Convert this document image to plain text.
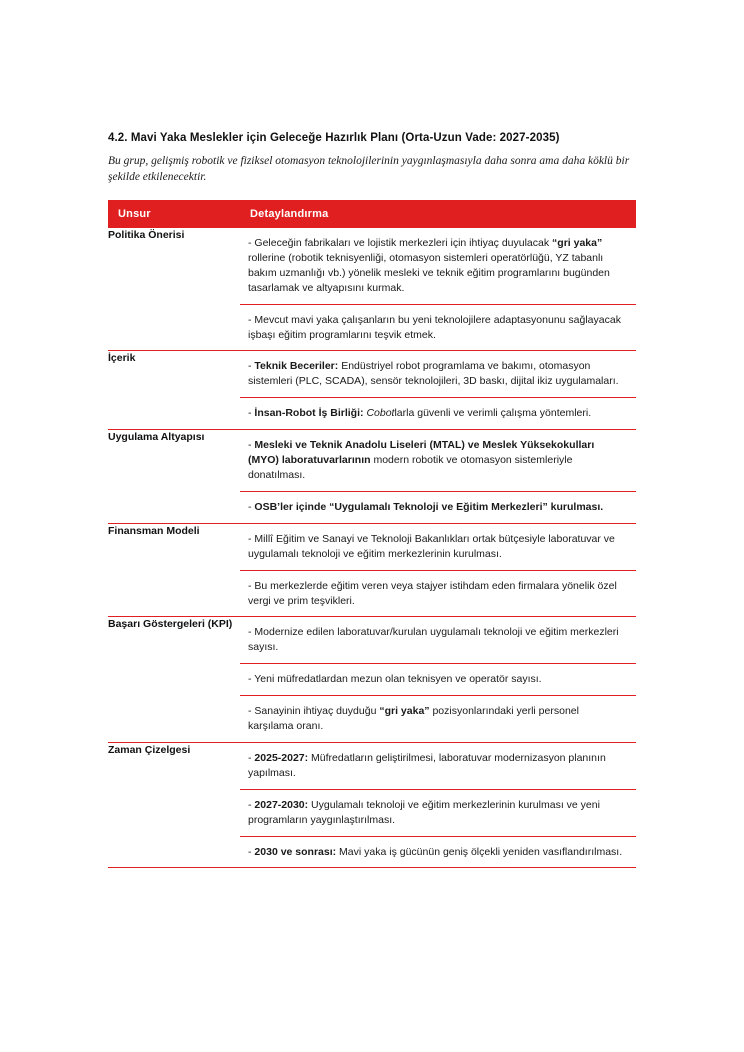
4.2. Mavi Yaka Meslekler için Geleceğe Hazırlık Planı (Orta-Uzun Vade: 2027-2035)

Bu grup, gelişmiş robotik ve fiziksel otomasyon teknolojilerinin yaygınlaşmasıyla daha sonra ama daha köklü bir şekilde etkilenecektir.

Unsur	Detaylandırma
Politika Önerisi	- Geleceğin fabrikaları ve lojistik merkezleri için ihtiyaç duyulacak “gri yaka” rollerine (robotik teknisyenliği, otomasyon sistemleri operatörlüğü, YZ tabanlı bakım uzmanlığı vb.) yönelik mesleki ve teknik eğitim programlarını bugünden tasarlamak ve altyapısını kurmak.

- Mevcut mavi yaka çalışanların bu yeni teknolojilere adaptasyonunu sağlayacak işbaşı eğitim programlarını teşvik etmek.

İçerik	- Teknik Beceriler: Endüstriyel robot programlama ve bakımı, otomasyon sistemleri (PLC, SCADA), sensör teknolojileri, 3D baskı, dijital ikiz uygulamaları.

- İnsan-Robot İş Birliği: Cobotlarla güvenli ve verimli çalışma yöntemleri.

Uygulama Altyapısı	- Mesleki ve Teknik Anadolu Liseleri (MTAL) ve Meslek Yüksekokulları (MYO) laboratuvarlarının modern robotik ve otomasyon sistemleriyle donatılması.

- OSB’ler içinde “Uygulamalı Teknoloji ve Eğitim Merkezleri” kurulması.

Finansman Modeli	- Millî Eğitim ve Sanayi ve Teknoloji Bakanlıkları ortak bütçesiyle laboratuvar ve uygulamalı teknoloji ve eğitim merkezlerinin kurulması.

- Bu merkezlerde eğitim veren veya stajyer istihdam eden firmalara yönelik özel vergi ve prim teşvikleri.

Başarı Göstergeleri (KPI)	- Modernize edilen laboratuvar/kurulan uygulamalı teknoloji ve eğitim merkezleri sayısı.

- Yeni müfredatlardan mezun olan teknisyen ve operatör sayısı.

- Sanayinin ihtiyaç duyduğu “gri yaka” pozisyonlarındaki yerli personel karşılama oranı.

Zaman Çizelgesi	- 2025-2027: Müfredatların geliştirilmesi, laboratuvar modernizasyon planının yapılması.

- 2027-2030: Uygulamalı teknoloji ve eğitim merkezlerinin kurulması ve yeni programların yaygınlaştırılması.

- 2030 ve sonrası: Mavi yaka iş gücünün geniş ölçekli yeniden vasıflandırılması.
